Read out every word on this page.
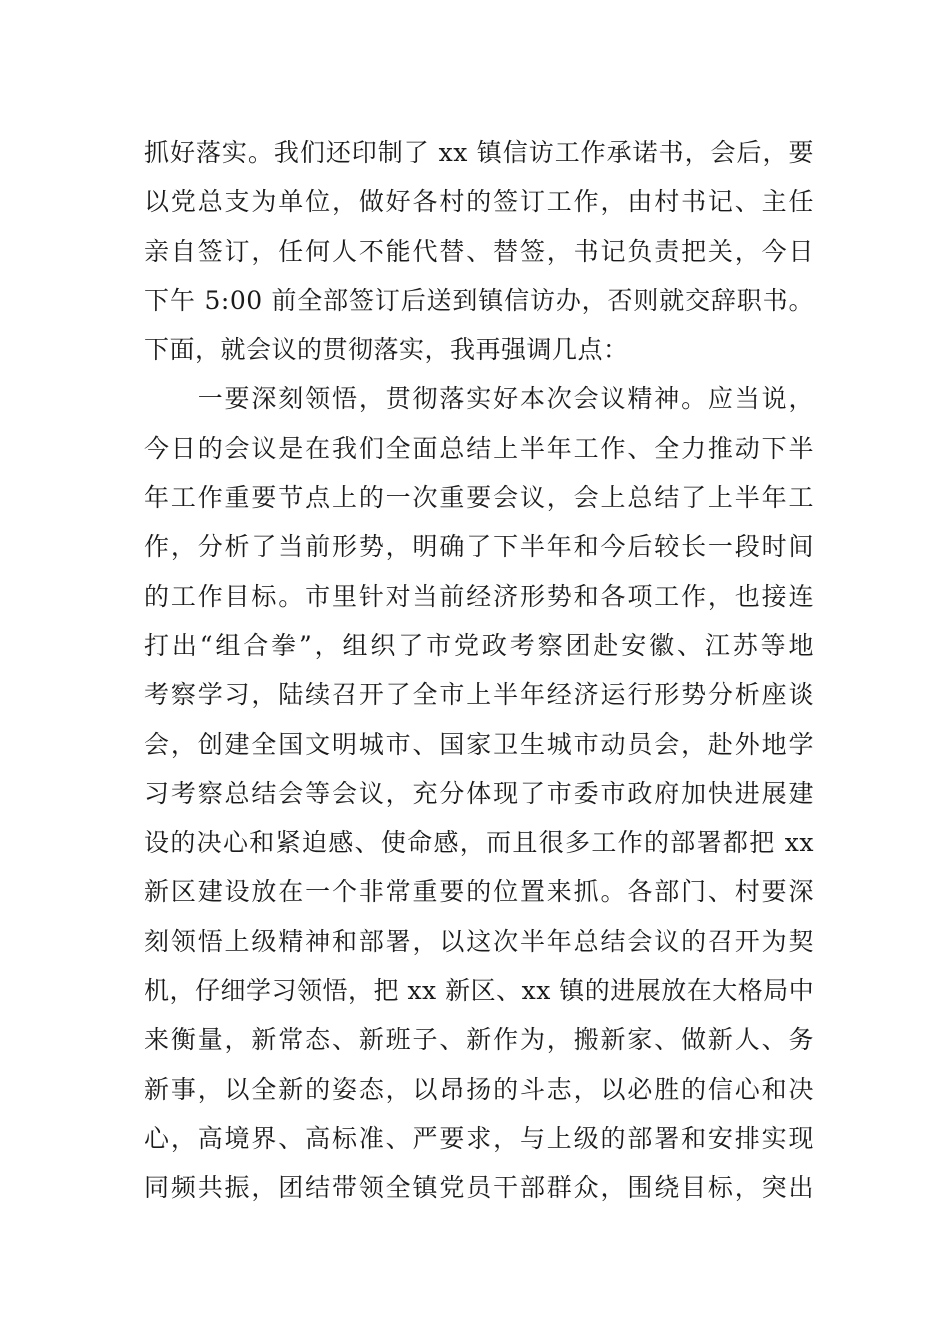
抓好落实。我们还印制了 xx 镇信访工作承诺书，会后，要
以党总支为单位，做好各村的签订工作，由村书记、主任
亲自签订，任何人不能代替、替签，书记负责把关，今日
下午 5:00 前全部签订后送到镇信访办，否则就交辞职书。
下面，就会议的贯彻落实，我再强调几点：
　　一要深刻领悟，贯彻落实好本次会议精神。应当说，
今日的会议是在我们全面总结上半年工作、全力推动下半
年工作重要节点上的一次重要会议，会上总结了上半年工
作，分析了当前形势，明确了下半年和今后较长一段时间
的工作目标。市里针对当前经济形势和各项工作，也接连
打出“组合拳”，组织了市党政考察团赴安徽、江苏等地
考察学习，陆续召开了全市上半年经济运行形势分析座谈
会，创建全国文明城市、国家卫生城市动员会，赴外地学
习考察总结会等会议，充分体现了市委市政府加快进展建
设的决心和紧迫感、使命感，而且很多工作的部署都把 xx
新区建设放在一个非常重要的位置来抓。各部门、村要深
刻领悟上级精神和部署，以这次半年总结会议的召开为契
机，仔细学习领悟，把 xx 新区、xx 镇的进展放在大格局中
来衡量，新常态、新班子、新作为，搬新家、做新人、务
新事，以全新的姿态，以昂扬的斗志，以必胜的信心和决
心，高境界、高标准、严要求，与上级的部署和安排实现
同频共振，团结带领全镇党员干部群众，围绕目标，突出
